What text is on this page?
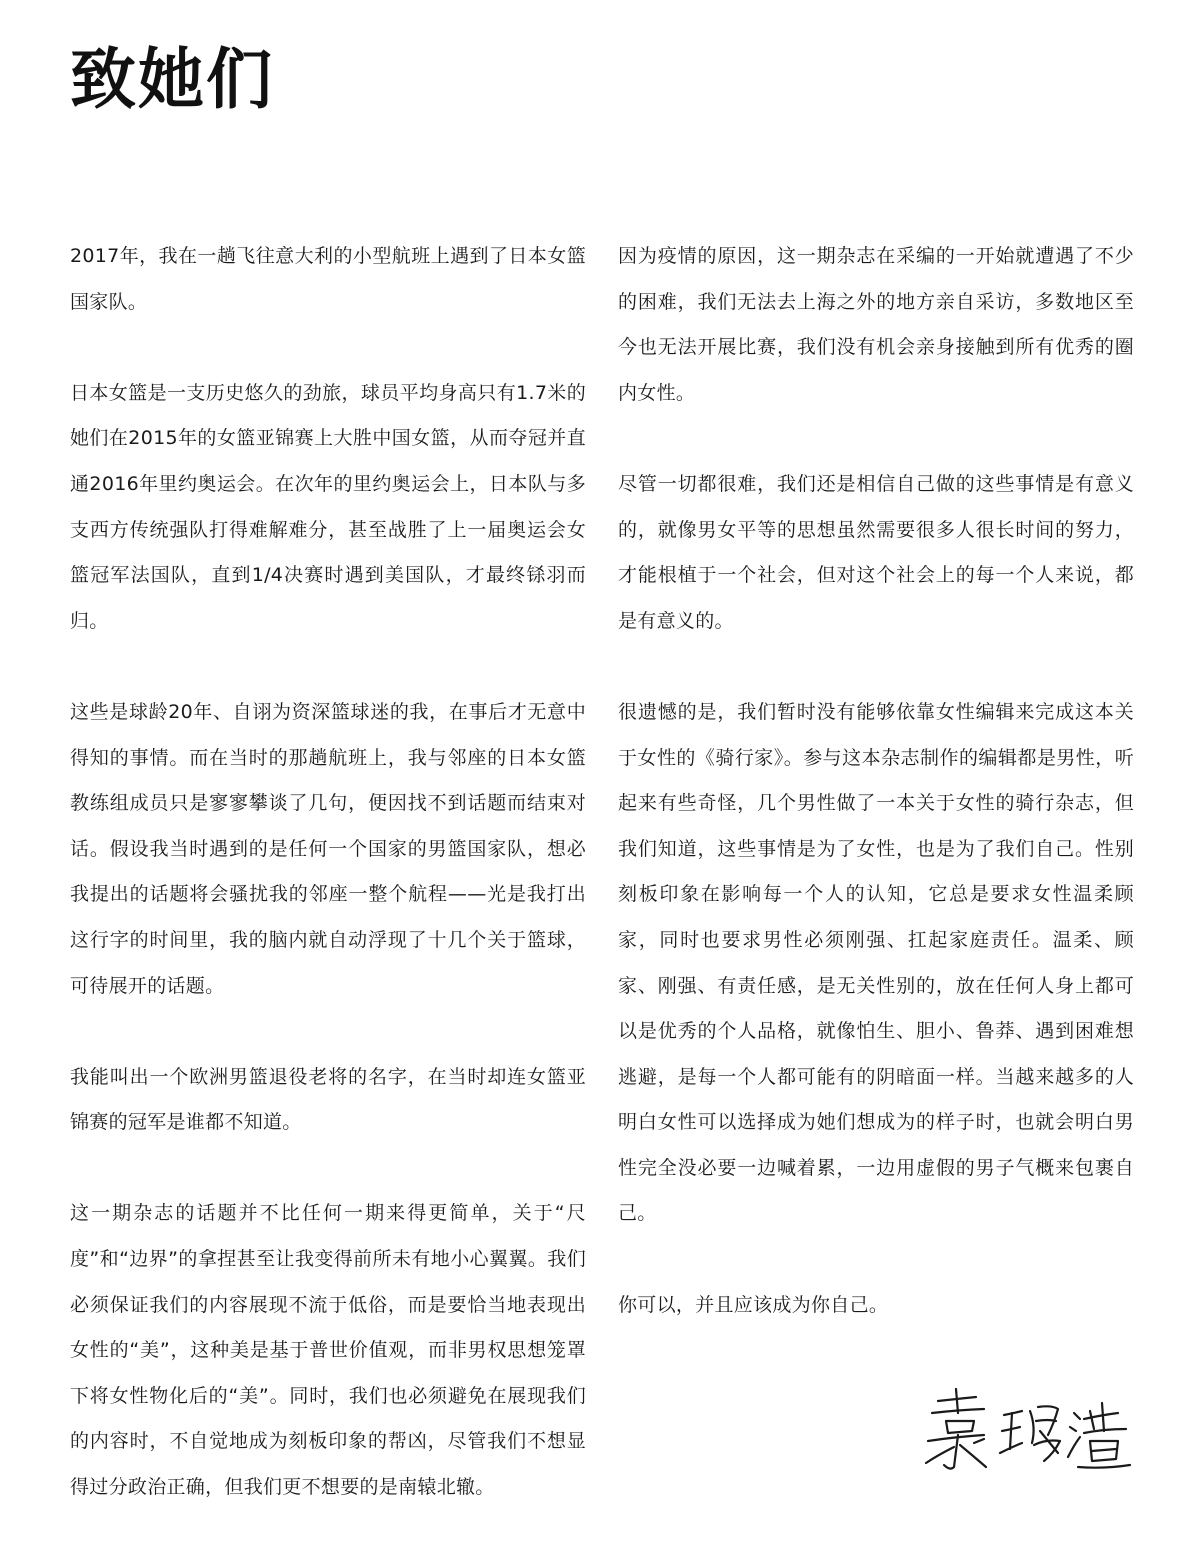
致她们

2017年，我在一趟飞往意大利的小型航班上遇到了日本女篮国家队。

日本女篮是一支历史悠久的劲旅，球员平均身高只有1.7米的她们在2015年的女篮亚锦赛上大胜中国女篮，从而夺冠并直通2016年里约奥运会。在次年的里约奥运会上，日本队与多支西方传统强队打得难解难分，甚至战胜了上一届奥运会女篮冠军法国队，直到1/4决赛时遇到美国队，才最终铩羽而归。

这些是球龄20年、自诩为资深篮球迷的我，在事后才无意中得知的事情。而在当时的那趟航班上，我与邻座的日本女篮教练组成员只是寥寥攀谈了几句，便因找不到话题而结束对话。假设我当时遇到的是任何一个国家的男篮国家队，想必我提出的话题将会骚扰我的邻座一整个航程——光是我打出这行字的时间里，我的脑内就自动浮现了十几个关于篮球，可待展开的话题。

我能叫出一个欧洲男篮退役老将的名字，在当时却连女篮亚锦赛的冠军是谁都不知道。

这一期杂志的话题并不比任何一期来得更简单，关于“尺度”和“边界”的拿捏甚至让我变得前所未有地小心翼翼。我们必须保证我们的内容展现不流于低俗，而是要恰当地表现出女性的“美”，这种美是基于普世价值观，而非男权思想笼罩下将女性物化后的“美”。同时，我们也必须避免在展现我们的内容时，不自觉地成为刻板印象的帮凶，尽管我们不想显得过分政治正确，但我们更不想要的是南辕北辙。

因为疫情的原因，这一期杂志在采编的一开始就遭遇了不少的困难，我们无法去上海之外的地方亲自采访，多数地区至今也无法开展比赛，我们没有机会亲身接触到所有优秀的圈内女性。

尽管一切都很难，我们还是相信自己做的这些事情是有意义的，就像男女平等的思想虽然需要很多人很长时间的努力，才能根植于一个社会，但对这个社会上的每一个人来说，都是有意义的。

很遗憾的是，我们暂时没有能够依靠女性编辑来完成这本关于女性的《骑行家》。参与这本杂志制作的编辑都是男性，听起来有些奇怪，几个男性做了一本关于女性的骑行杂志，但我们知道，这些事情是为了女性，也是为了我们自己。性别刻板印象在影响每一个人的认知，它总是要求女性温柔顾家，同时也要求男性必须刚强、扛起家庭责任。温柔、顾家、刚强、有责任感，是无关性别的，放在任何人身上都可以是优秀的个人品格，就像怕生、胆小、鲁莽、遇到困难想逃避，是每一个人都可能有的阴暗面一样。当越来越多的人明白女性可以选择成为她们想成为的样子时，也就会明白男性完全没必要一边喊着累，一边用虚假的男子气概来包裹自己。

你可以，并且应该成为你自己。
